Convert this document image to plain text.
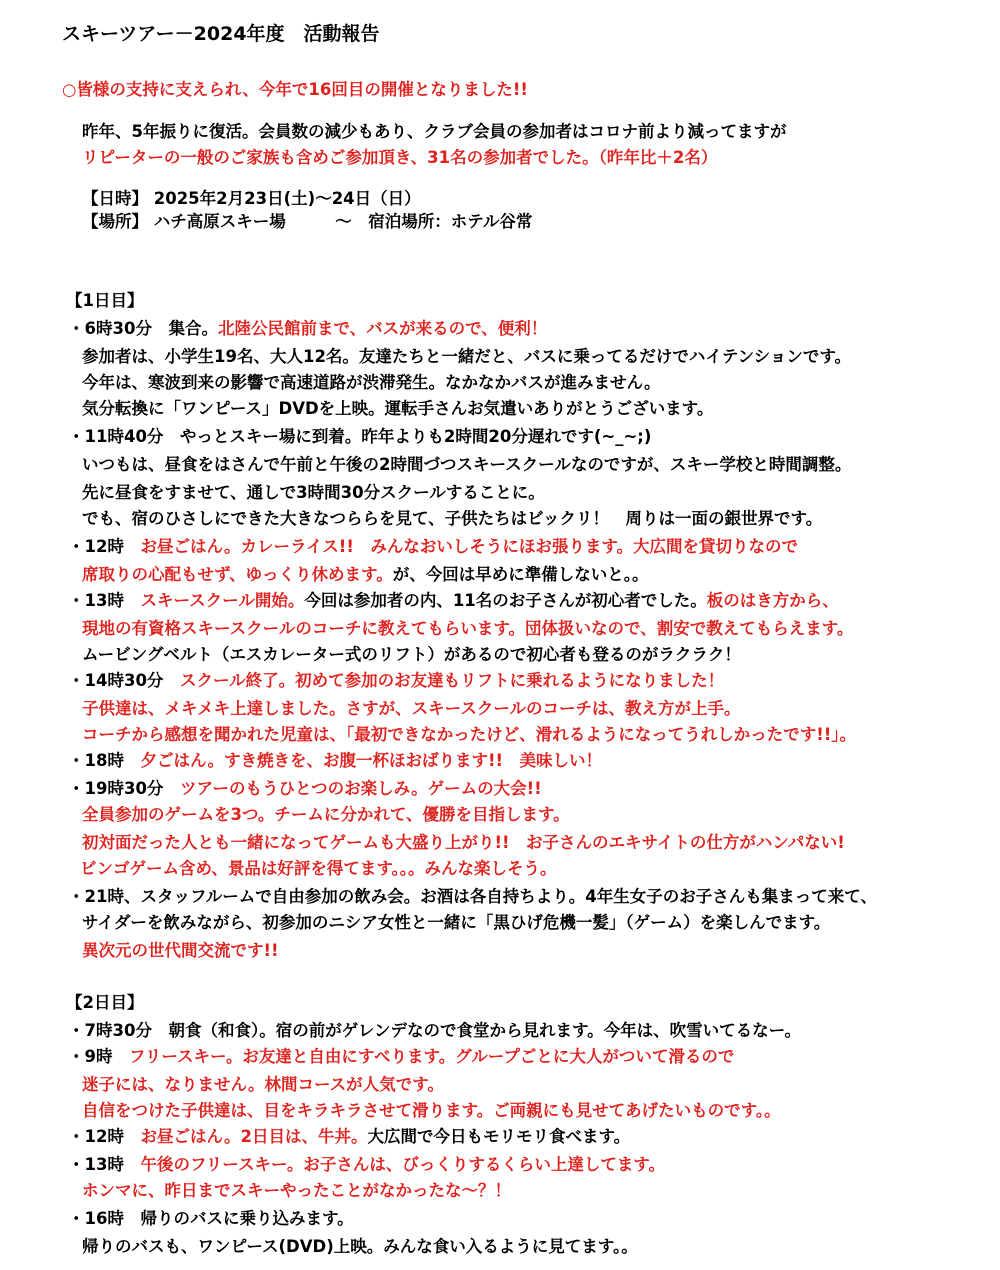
スキーツアー－2024年度　活動報告
○皆様の支持に支えられ、今年で16回目の開催となりました!!
昨年、5年振りに復活。会員数の減少もあり、クラブ会員の参加者はコロナ前より減ってますが
リピーターの一般のご家族も含めご参加頂き、31名の参加者でした。（昨年比＋2名）
【日時】 2025年2月23日(土)～24日（日）
【場所】 ハチ高原スキー場　　　～　宿泊場所：ホテル谷常
【1日目】
・6時30分　集合。北陸公民館前まで、バスが来るので、便利！
参加者は、小学生19名、大人12名。友達たちと一緒だと、バスに乗ってるだけでハイテンションです。
今年は、寒波到来の影響で高速道路が渋滞発生。なかなかバスが進みません。
気分転換に「ワンピース」DVDを上映。運転手さんお気遣いありがとうございます。
・11時40分　やっとスキー場に到着。昨年よりも2時間20分遅れです(~_~;)
いつもは、昼食をはさんで午前と午後の2時間づつスキースクールなのですが、スキー学校と時間調整。
先に昼食をすませて、通しで3時間30分スクールすることに。
でも、宿のひさしにできた大きなつららを見て、子供たちはビックリ！　周りは一面の銀世界です。
・12時　お昼ごはん。カレーライス!!　みんなおいしそうにほお張ります。大広間を貸切りなので
席取りの心配もせず、ゆっくり休めます。が、今回は早めに準備しないと。。
・13時　スキースクール開始。今回は参加者の内、11名のお子さんが初心者でした。板のはき方から、
現地の有資格スキースクールのコーチに教えてもらいます。団体扱いなので、割安で教えてもらえます。
ムービングベルト（エスカレーター式のリフト）があるので初心者も登るのがラクラク！
・14時30分　スクール終了。初めて参加のお友達もリフトに乗れるようになりました！
子供達は、メキメキ上達しました。さすが、スキースクールのコーチは、教え方が上手。
コーチから感想を聞かれた児童は、「最初できなかったけど、滑れるようになってうれしかったです!!」。
・18時　夕ごはん。すき焼きを、お腹一杯ほおばります!!　美味しい！
・19時30分　ツアーのもうひとつのお楽しみ。ゲームの大会!!
全員参加のゲームを3つ。チームに分かれて、優勝を目指します。
初対面だった人とも一緒になってゲームも大盛り上がり!!　お子さんのエキサイトの仕方がハンパない!
ビンゴゲーム含め、景品は好評を得てます。。。みんな楽しそう。
・21時、スタッフルームで自由参加の飲み会。お酒は各自持ちより。4年生女子のお子さんも集まって来て、
サイダーを飲みながら、初参加のニシア女性と一緒に「黒ひげ危機一髪」（ゲーム）を楽しんでます。
異次元の世代間交流です!!
【2日目】
・7時30分　朝食（和食）。宿の前がゲレンデなので食堂から見れます。今年は、吹雪いてるなー。
・9時　フリースキー。お友達と自由にすべります。グループごとに大人がついて滑るので
迷子には、なりません。林間コースが人気です。
自信をつけた子供達は、目をキラキラさせて滑ります。ご両親にも見せてあげたいものです。。
・12時　お昼ごはん。2日目は、牛丼。大広間で今日もモリモリ食べます。
・13時　午後のフリースキー。お子さんは、びっくりするくらい上達してます。
ホンマに、昨日までスキーやったことがなかったな～？！
・16時　帰りのバスに乗り込みます。
帰りのバスも、ワンピース(DVD)上映。みんな食い入るように見てます。。
